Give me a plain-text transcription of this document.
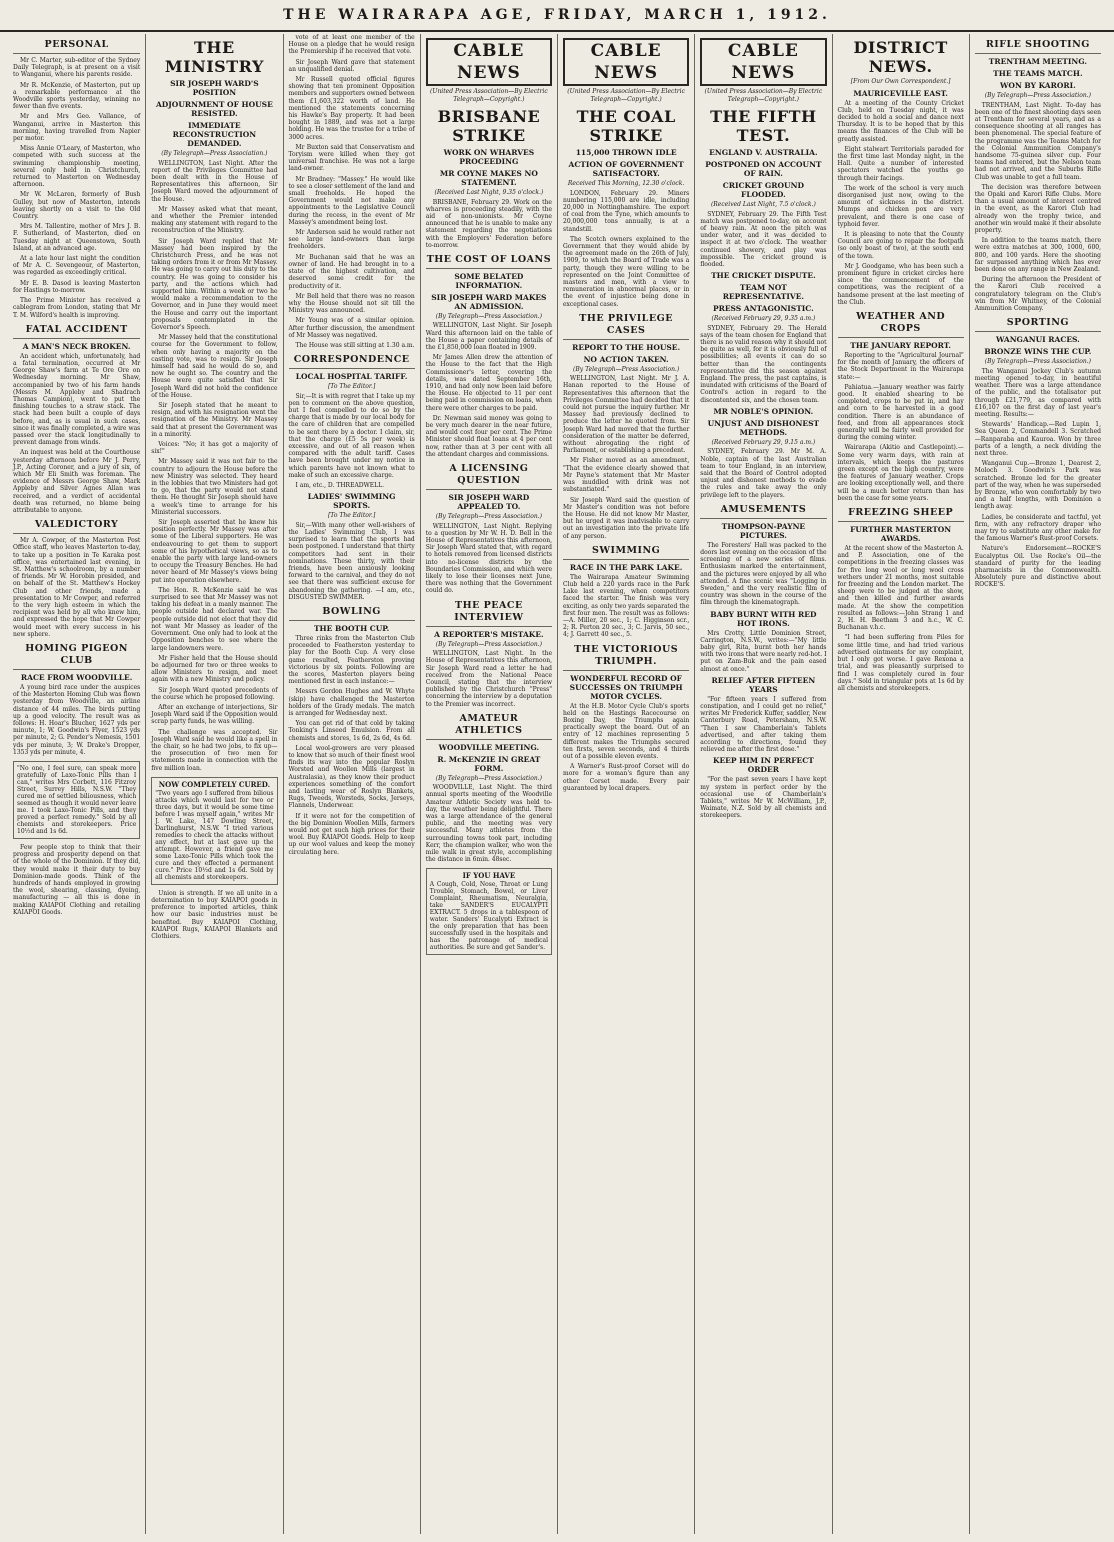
THE WAIRARAPA AGE, FRIDAY, MARCH 1, 1912.
PERSONAL

Mr C. Marter, sub-editor of the Sydney Daily Telegraph, is at present on a visit to Wanganui, where his parents reside.

Mr R. McKenzie, of Masterton, put up a remarkable performance at the Woodville sports yesterday, winning no fewer than five events.

Mr and Mrs Geo. Vallance, of Wanganui, arrive in Masterton this morning, having travelled from Napier per motor.

Miss Annie O'Leary, of Masterton, who competed with such success at the swimming championship meeting, several only held in Christchurch, returned to Masterton on Wednesday afternoon.

Mr W. McLaren, formerly of Bush Gulley, but now of Masterton, intends leaving shortly on a visit to the Old Country.

Mrs M. Tallentire, mother of Mrs J. B. F. Sutherland, of Masterton, died on Tuesday night at Queenstown, South Island, at an advanced age.

At a late hour last night the condition of Mr A. C. Sevengeour, of Masterton, was regarded as exceedingly critical.

Mr E. B. Dasod is leaving Masterton for Hastings to-morrow.

The Prime Minister has received a cablegram from London, stating that Mr T. M. Wilford's health is improving.

FATAL ACCIDENT
A MAN'S NECK BROKEN.

An accident which, unfortunately, had a fatal termination, occurred at Mr George Shaw's farm at Te Ore Ore on Wednesday morning. Mr Shaw, accompanied by two of his farm hands (Messrs M. Appleby and Shadrach Thomas Campion), went to put the finishing touches to a straw stack. The stack had been built a couple of days before, and, as is usual in such cases, since it was finally completed, a wire was passed over the stack longitudinally to prevent damage from winds.

An inquest was held at the Courthouse yesterday afternoon before Mr J. Perry, J.P., Acting Coroner, and a jury of six, of which Mr Eli Smith was foreman. The evidence of Messrs George Shaw, Mark Appleby and Silver Agnes Allan was received, and a verdict of accidental death was returned, no blame being attributable to anyone.

VALEDICTORY

Mr A. Cowper, of the Masterton Post Office staff, who leaves Masterton to-day, to take up a position in Te Karaka post office, was entertained last evening, in St. Matthew's schoolroom, by a number of friends. Mr W. Horobin presided, and on behalf of the St. Matthew's Hockey Club and other friends, made a presentation to Mr Cowper, and referred to the very high esteem in which the recipient was held by all who knew him, and expressed the hope that Mr Cowper would meet with every success in his new sphere.

HOMING PIGEON CLUB
RACE FROM WOODVILLE.

A young bird race under the auspices of the Masterton Homing Club was flown yesterday from Woodville, an airline distance of 44 miles. The birds putting up a good velocity. The result was as follows: H. Hoar's Blucher, 1627 yds per minute, 1; W. Goodwin's Flyer, 1523 yds per minute, 2; G. Pender's Nemesis, 1501 yds per minute, 3; W. Drake's Dropper, 1353 yds per minute, 4.

"No one, I feel sure, can speak more gratefully of Laxo-Tonic Pills than I can," writes Mrs Corbett, 116 Fitzroy Street, Surrey Hills, N.S.W. "They cured me of settled biliousness, which seemed as though it would never leave me. I took Laxo-Tonic Pills, and they proved a perfect remedy." Sold by all chemists and storekeepers. Price 10½d and 1s 6d.

Few people stop to think that their progress and prosperity depend on that of the whole of the Dominion. If they did, they would make it their duty to buy Dominion-made goods. Think of the hundreds of hands employed in growing the wool, shearing, classing, dyeing, manufacturing — all this is done in making KAIAPOI Clothing and retailing KAIAPOI Goods.

THE MINISTRY
SIR JOSEPH WARD'S POSITION
ADJOURNMENT OF HOUSE RESISTED.
IMMEDIATE RECONSTRUCTION DEMANDED.
(By Telegraph—Press Association.)

WELLINGTON, Last Night. After the report of the Privileges Committee had been dealt with in the House of Representatives this afternoon, Sir Joseph Ward moved the adjournment of the House.

Mr Massey asked what that meant, and whether the Premier intended making any statement with regard to the reconstruction of the Ministry.

Sir Joseph Ward replied that Mr Massey had been inspired by the Christchurch Press, and he was not taking orders from it or from Mr Massey. He was going to carry out his duty to the country. He was going to consider his party, and the actions which had supported him. Within a week or two he would make a recommendation to the Governor, and in June they would meet the House and carry out the important proposals contemplated in the Governor's Speech.

Mr Massey held that the constitutional course for the Government to follow, when only having a majority on the casting vote, was to resign. Sir Joseph himself had said he would do so, and now he ought so. The country and the House were quite satisfied that Sir Joseph Ward did not hold the confidence of the House.

Sir Joseph stated that he meant to resign, and with his resignation went the resignation of the Ministry. Mr Massey said that at present the Government was in a minority.

Voices: "No; it has got a majority of six!"

Mr Massey said it was not fair to the country to adjourn the House before the new Ministry was selected. They heard in the lobbies that two Ministers had got to go, that the party would not stand them. He thought Sir Joseph should have a week's time to arrange for his Ministerial successors.

Sir Joseph asserted that he knew his position perfectly. Mr Massey was after some of the Liberal supporters. He was endeavouring to get them to support some of his hypothetical views, so as to enable the party with large land-owners to occupy the Treasury Benches. He had never heard of Mr Massey's views being put into operation elsewhere.

The Hon. R. McKenzie said he was surprised to see that Mr Massey was not taking his defeat in a manly manner. The people outside had declared war. The people outside did not elect that they did not want Mr Massey as leader of the Government. One only had to look at the Opposition benches to see where the large landowners were.

Mr Fisher held that the House should be adjourned for two or three weeks to allow Ministers to resign, and meet again with a new Ministry and policy.

Sir Joseph Ward quoted precedents of the course which he proposed following.

After an exchange of interjections, Sir Joseph Ward said if the Opposition would scrap party funds, he was willing.

The challenge was accepted. Sir Joseph Ward said he would like a spell in the chair, so he had two jobs, to fix up—the prosecution of two men for statements made in connection with the five million loan.

NOW COMPLETELY CURED.
"Two years ago I suffered from bilious attacks which would last for two or three days, but it would be some time before I was myself again," writes Mr J. W. Lake, 147 Dowling Street, Darlinghurst, N.S.W. "I tried various remedies to check the attacks without any effect, but at last gave up the attempt. However, a friend gave me some Laxo-Tonic Pills which took the cure and they effected a permanent cure." Price 10½d and 1s 6d. Sold by all chemists and storekeepers.

Union is strength. If we all unite in a determination to buy KAIAPOI goods in preference to imported articles, think how our basic industries must be benefited. Buy KAIAPOI Clothing, KAIAPOI Rugs, KAIAPOI Blankets and Clothiers.

vote of at least one member of the House on a pledge that he would resign the Premiership if he received that vote.

Sir Joseph Ward gave that statement an unqualified denial.

Mr Russell quoted official figures showing that ten prominent Opposition members and supporters owned between them £1,603,322 worth of land. He mentioned the statements concerning his Hawke's Bay property. It had been bought in 1889, and was not a large holding. He was the trustee for a tribe of 3000 acres.

Mr Buxton said that Conservatism and Toryism were killed when they got universal franchise. He was not a large land-owner.

Mr Bradney: "Massey." He would like to see a closer settlement of the land and small freeholds. He hoped the Government would not make any appointments to the Legislative Council during the recess, in the event of Mr Massey's amendment being lost.

Mr Anderson said he would rather not see large land-owners than large freeholders.

Mr Buchanan said that he was an owner of land. He had brought in to a state of the highest cultivation, and deserved some credit for the productivity of it.

Mr Bell held that there was no reason why the House should not sit till the Ministry was announced.

Mr Young was of a similar opinion. After further discussion, the amendment of Mr Massey was negatived.

The House was still sitting at 1.30 a.m.

CORRESPONDENCE
LOCAL HOSPITAL TARIFF.
[To The Editor.]

Sir,—It is with regret that I take up my pen to comment on the above question, but I feel compelled to do so by the charge that is made by our local body for the care of children that are compelled to be sent there by a doctor. I claim, sir, that the charge (£5 5s per week) is excessive, and out of all reason when compared with the adult tariff. Cases have been brought under my notice in which parents have not known what to make of such an excessive charge.

I am, etc., D. THREADWELL.

LADIES' SWIMMING SPORTS.
[To The Editor.]

Sir,—With many other well-wishers of the Ladies' Swimming Club, I was surprised to learn that the sports had been postponed. I understand that thirty competitors had sent in their nominations. These thirty, with their friends, have been anxiously looking forward to the carnival, and they do not see that there was sufficient excuse for abandoning the gathering. —I am, etc., DISGUSTED SWIMMER.

BOWLING
THE BOOTH CUP.

Three rinks from the Masterton Club proceeded to Featherston yesterday to play for the Booth Cup. A very close game resulted, Featherston proving victorious by six points. Following are the scores, Masterton players being mentioned first in each instance:—

Messrs Gordon Hughes and W. Whyte (skip) have challenged the Masterton holders of the Grady medals. The match is arranged for Wednesday next.

You can get rid of that cold by taking Tonking's Linseed Emulsion. From all chemists and stores, 1s 6d, 2s 6d, 4s 6d.

Local wool-growers are very pleased to know that so much of their finest wool finds its way into the popular Roslyn Worsted and Woollen Mills (largest in Australasia), as they know their product experiences something of the comfort and lasting wear of Roslyn Blankets, Rugs, Tweeds, Worsteds, Socks, Jerseys, Flannels, Underwear.

If it were not for the competition of the big Dominion Woollen Mills, farmers would not get such high prices for their wool. Buy KAIAPOI Goods. Help to keep up our wool values and keep the money circulating here.

CABLE NEWS
(United Press Association—By Electric Telegraph—Copyright.)
BRISBANE STRIKE
WORK ON WHARVES PROCEEDING
MR COYNE MAKES NO STATEMENT.
(Received Last Night, 9.35 o'clock.)

BRISBANE, February 29. Work on the wharves is proceeding steadily, with the aid of non-unionists. Mr Coyne announced that he is unable to make any statement regarding the negotiations with the Employers' Federation before to-morrow.

THE COST OF LOANS
SOME BELATED INFORMATION.
SIR JOSEPH WARD MAKES AN ADMISSION.
(By Telegraph—Press Association.)

WELLINGTON, Last Night. Sir Joseph Ward this afternoon laid on the table of the House a paper containing details of the £1,850,000 loan floated in 1909.

Mr James Allen drew the attention of the House to the fact that the High Commissioner's letter, covering the details, was dated September 16th, 1910, and had only now been laid before the House. He objected to 11 per cent being paid in commission on loans, when there were other charges to be paid.

Dr. Newman said money was going to be very much dearer in the near future, and would cost four per cent. The Prime Minister should float loans at 4 per cent now, rather than at 3 per cent with all the attendant charges and commissions.

A LICENSING QUESTION
SIR JOSEPH WARD APPEALED TO.
(By Telegraph—Press Association.)

WELLINGTON, Last Night. Replying to a question by Mr W. H. D. Bell in the House of Representatives this afternoon, Sir Joseph Ward stated that, with regard to hotels removed from licensed districts into no-license districts by the Boundaries Commission, and which were likely to lose their licenses next June, there was nothing that the Government could do.

THE PEACE INTERVIEW
A REPORTER'S MISTAKE.
(By Telegraph—Press Association.)

WELLINGTON, Last Night. In the House of Representatives this afternoon, Sir Joseph Ward read a letter he had received from the National Peace Council, stating that the interview published by the Christchurch "Press" concerning the interview by a deputation to the Premier was incorrect.

AMATEUR ATHLETICS
WOODVILLE MEETING.
R. McKENZIE IN GREAT FORM.
(By Telegraph—Press Association.)

WOODVILLE, Last Night. The third annual sports meeting of the Woodville Amateur Athletic Society was held to-day, the weather being delightful. There was a large attendance of the general public, and the meeting was very successful. Many athletes from the surrounding towns took part, including Kerr, the champion walker, who won the mile walk in great style, accomplishing the distance in 6min. 48sec.

IF YOU HAVE
A Cough, Cold, Nose, Throat or Lung Trouble, Stomach, Bowel, or Liver Complaint, Rheumatism, Neuralgia, take SANDER'S EUCALYPTI EXTRACT. 5 drops in a tablespoon of water. Sanders' Eucalypti Extract is the only preparation that has been successfully used in the hospitals and has the patronage of medical authorities. Be sure and get Sander's.
CABLE NEWS
(United Press Association—By Electric Telegraph—Copyright.)
THE COAL STRIKE
115,000 THROWN IDLE
ACTION OF GOVERNMENT SATISFACTORY.
Received This Morning, 12.30 o'clock.

LONDON, February 29. Miners numbering 115,000 are idle, including 20,000 in Nottinghamshire. The export of coal from the Tyne, which amounts to 20,000,000 tons annually, is at a standstill.

The Scotch owners explained to the Government that they would abide by the agreement made on the 26th of July, 1909, to which the Board of Trade was a party, though they were willing to be represented on the Joint Committee of masters and men, with a view to remuneration in abnormal places, or in the event of injustice being done in exceptional cases.

THE PRIVILEGE CASES
REPORT TO THE HOUSE.
NO ACTION TAKEN.
(By Telegraph—Press Association.)

WELLINGTON, Last Night. Mr J. A. Hanan reported to the House of Representatives this afternoon that the Privileges Committee had decided that it could not pursue the inquiry further. Mr Massey had previously declined to produce the letter he quoted from. Sir Joseph Ward had moved that the further consideration of the matter be deferred, without abrogating the right of Parliament, or establishing a precedent.

Mr Fisher moved as an amendment, "That the evidence clearly showed that Mr Payne's statement that Mr Master was muddled with drink was not substantiated."

Sir Joseph Ward said the question of Mr Master's condition was not before the House. He did not know Mr Master, but he urged it was inadvisable to carry out an investigation into the private life of any person.

SWIMMING
RACE IN THE PARK LAKE.

The Wairarapa Amateur Swimming Club held a 220 yards race in the Park Lake last evening, when competitors faced the starter. The finish was very exciting, as only two yards separated the first four men. The result was as follows:—A. Miller, 20 sec., 1; C. Higginson scr., 2; R. Perton 20 sec., 3; C. Jarvis, 50 sec., 4; J. Garrett 40 sec., 5.

THE VICTORIOUS TRIUMPH.
WONDERFUL RECORD OF SUCCESSES ON TRIUMPH MOTOR CYCLES.

At the H.B. Motor Cycle Club's sports held on the Hastings Racecourse on Boxing Day, the Triumphs again practically swept the board. Out of an entry of 12 machines representing 5 different makes the Triumphs secured ten firsts, seven seconds, and 4 thirds out of a possible eleven events.

A Warner's Rust-proof Corset will do more for a woman's figure than any other Corset made. Every pair guaranteed by local drapers.

CABLE NEWS
(United Press Association—By Electric Telegraph—Copyright.)
THE FIFTH TEST.
ENGLAND V. AUSTRALIA.
POSTPONED ON ACCOUNT OF RAIN.
CRICKET GROUND FLOODED.
(Received Last Night, 7.5 o'clock.)

SYDNEY, February 29. The Fifth Test match was postponed to-day, on account of heavy rain. At noon the pitch was under water, and it was decided to inspect it at two o'clock. The weather continued showery, and play was impossible. The cricket ground is flooded.

THE CRICKET DISPUTE.
TEAM NOT REPRESENTATIVE.
PRESS ANTAGONISTIC.
(Received February 29, 9.35 a.m.)

SYDNEY, February 29. The Herald says of the team chosen for England that there is no valid reason why it should not be quite as well, for it is obviously full of possibilities; all events it can do so better than the contingents representative did this season against England. The press, the past captains, is inundated with criticisms of the Board of Control's action in regard to the discontented six, and the chosen team.

MR NOBLE'S OPINION.
UNJUST AND DISHONEST METHODS.
(Received February 29, 9.15 a.m.)

SYDNEY, February 29. Mr M. A. Noble, captain of the last Australian team to tour England, in an interview, said that the Board of Control adopted unjust and dishonest methods to evade the rules and take away the only privilege left to the players.

AMUSEMENTS
THOMPSON-PAYNE PICTURES.

The Foresters' Hall was packed to the doors last evening on the occasion of the screening of a new series of films. Enthusiasm marked the entertainment, and the pictures were enjoyed by all who attended. A fine scenic was "Logging in Sweden," and the very realistic film of country was shown in the course of the film through the kinematograph.

BABY BURNT WITH RED HOT IRONS.

Mrs Crotty, Little Dominion Street, Carrington, N.S.W., writes:—"My little baby girl, Rita, burnt both her hands with two irons that were nearly red-hot. I put on Zam-Buk and the pain eased almost at once."

RELIEF AFTER FIFTEEN YEARS

"For fifteen years I suffered from constipation, and I could get no relief," writes Mr Frederick Kuffer, saddler, New Canterbury Road, Petersham, N.S.W. "Then I saw Chamberlain's Tablets advertised, and after taking them according to directions, found they relieved me after the first dose."

KEEP HIM IN PERFECT ORDER

"For the past seven years I have kept my system in perfect order by the occasional use of Chamberlain's Tablets," writes Mr W. McWilliam, J.P., Waimate, N.Z. Sold by all chemists and storekeepers.

DISTRICT NEWS.
[From Our Own Correspondent.]
MAURICEVILLE EAST.

At a meeting of the County Cricket Club, held on Tuesday night, it was decided to hold a social and dance next Thursday. It is to be hoped that by this means the finances of the Club will be greatly assisted.

Eight stalwart Territorials paraded for the first time last Monday night, in the Hall. Quite a number of interested spectators watched the youths go through their facings.

The work of the school is very much disorganised just now, owing to the amount of sickness in the district. Mumps and chicken pox are very prevalent, and there is one case of typhoid fever.

It is pleasing to note that the County Council are going to repair the footpath (so only boast of two), at the south end of the town.

Mr J. Goodgame, who has been such a prominent figure in cricket circles here since the commencement of the competitions, was the recipient of a handsome present at the last meeting of the Club.

WEATHER AND CROPS
THE JANUARY REPORT.

Reporting to the "Agricultural Journal" for the month of January, the officers of the Stock Department in the Wairarapa state:—

Pahiatua.—January weather was fairly good. It enabled shearing to be completed, crops to be put in, and hay and corn to be harvested in a good condition. There is an abundance of feed, and from all appearances stock generally will be fairly well provided for during the coming winter.

Wairarapa (Akitio and Castlepoint).—Some very warm days, with rain at intervals, which keeps the pastures green except on the high country, were the features of January weather. Crops are looking exceptionally well, and there will be a much better return than has been the case for some years.

FREEZING SHEEP
FURTHER MASTERTON AWARDS.

At the recent show of the Masterton A. and P. Association, one of the competitions in the freezing classes was for five long wool or long wool cross wethers under 21 months, most suitable for freezing and the London market. The sheep were to be judged at the show, and then killed and further awards made. At the show the competition resulted as follows:—John Strang 1 and 2, H. H. Beetham 3 and h.c., W. C. Buchanan v.h.c.

"I had been suffering from Piles for some little time, and had tried various advertised ointments for my complaint, but I only got worse. I gave Rexona a trial, and was pleasantly surprised to find I was completely cured in four days." Sold in triangular pots at 1s 6d by all chemists and storekeepers.

RIFLE SHOOTING
TRENTHAM MEETING.
THE TEAMS MATCH.
WON BY KARORI.
(By Telegraph—Press Association.)

TRENTHAM, Last Night. To-day has been one of the finest shooting days seen at Trentham for several years, and as a consequence shooting at all ranges has been phenomenal. The special feature of the programme was the Teams Match for the Colonial Ammunition Company's handsome 75-guinea silver cup. Four teams had entered, but the Nelson team had not arrived, and the Suburbs Rifle Club was unable to get a full team.

The decision was therefore between the Opaki and Karori Rifle Clubs. More than a usual amount of interest centred in the event, as the Karori Club had already won the trophy twice, and another win would make it their absolute property.

In addition to the teams match, there were extra matches at 300, 1000, 600, 800, and 100 yards. Here the shooting far surpassed anything which has ever been done on any range in New Zealand.

During the afternoon the President of the Karori Club received a congratulatory telegram on the Club's win from Mr Whitney, of the Colonial Ammunition Company.

SPORTING
WANGANUI RACES.
BRONZE WINS THE CUP.
(By Telegraph—Press Association.)

The Wanganui Jockey Club's autumn meeting opened to-day, in beautiful weather. There was a large attendance of the public, and the totalisator put through £21,779, as compared with £16,107 on the first day of last year's meeting. Results:—

Stewards' Handicap.—Red Lupin 1, Sea Queen 2, Commandell 3. Scratched—Ranparaba and Kauroa. Won by three parts of a length, a neck dividing the next three.

Wanganui Cup.—Bronze 1, Dearest 2, Moloch 3. Goodwin's Park was scratched. Bronze led for the greater part of the way, when he was superseded by Bronze, who won comfortably by two and a half lengths, with Dominion a length away.

Ladies, be considerate and tactful, yet firm, with any refractory draper who may try to substitute any other make for the famous Warner's Rust-proof Corsets.

Nature's Endorsement—ROCKE'S Eucalyptus Oil. Use Rocke's Oil—the standard of purity for the leading pharmacists in the Commonwealth. Absolutely pure and distinctive about ROCKE'S.
